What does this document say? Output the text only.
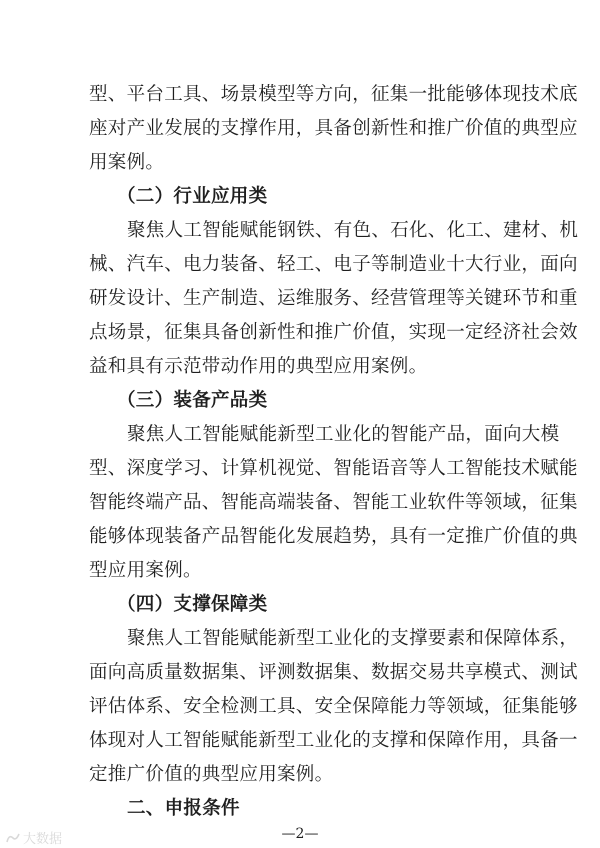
型、平台工具、场景模型等方向，征集一批能够体现技术底
座对产业发展的支撑作用，具备创新性和推广价值的典型应
用案例。
（二）行业应用类
聚焦人工智能赋能钢铁、有色、石化、化工、建材、机
械、汽车、电力装备、轻工、电子等制造业十大行业，面向
研发设计、生产制造、运维服务、经营管理等关键环节和重
点场景，征集具备创新性和推广价值，实现一定经济社会效
益和具有示范带动作用的典型应用案例。
（三）装备产品类
聚焦人工智能赋能新型工业化的智能产品，面向大模
型、深度学习、计算机视觉、智能语音等人工智能技术赋能
智能终端产品、智能高端装备、智能工业软件等领域，征集
能够体现装备产品智能化发展趋势，具有一定推广价值的典
型应用案例。
（四）支撑保障类
聚焦人工智能赋能新型工业化的支撑要素和保障体系，
面向高质量数据集、评测数据集、数据交易共享模式、测试
评估体系、安全检测工具、安全保障能力等领域，征集能够
体现对人工智能赋能新型工业化的支撑和保障作用，具备一
定推广价值的典型应用案例。
二、申报条件
—2—
大数据
